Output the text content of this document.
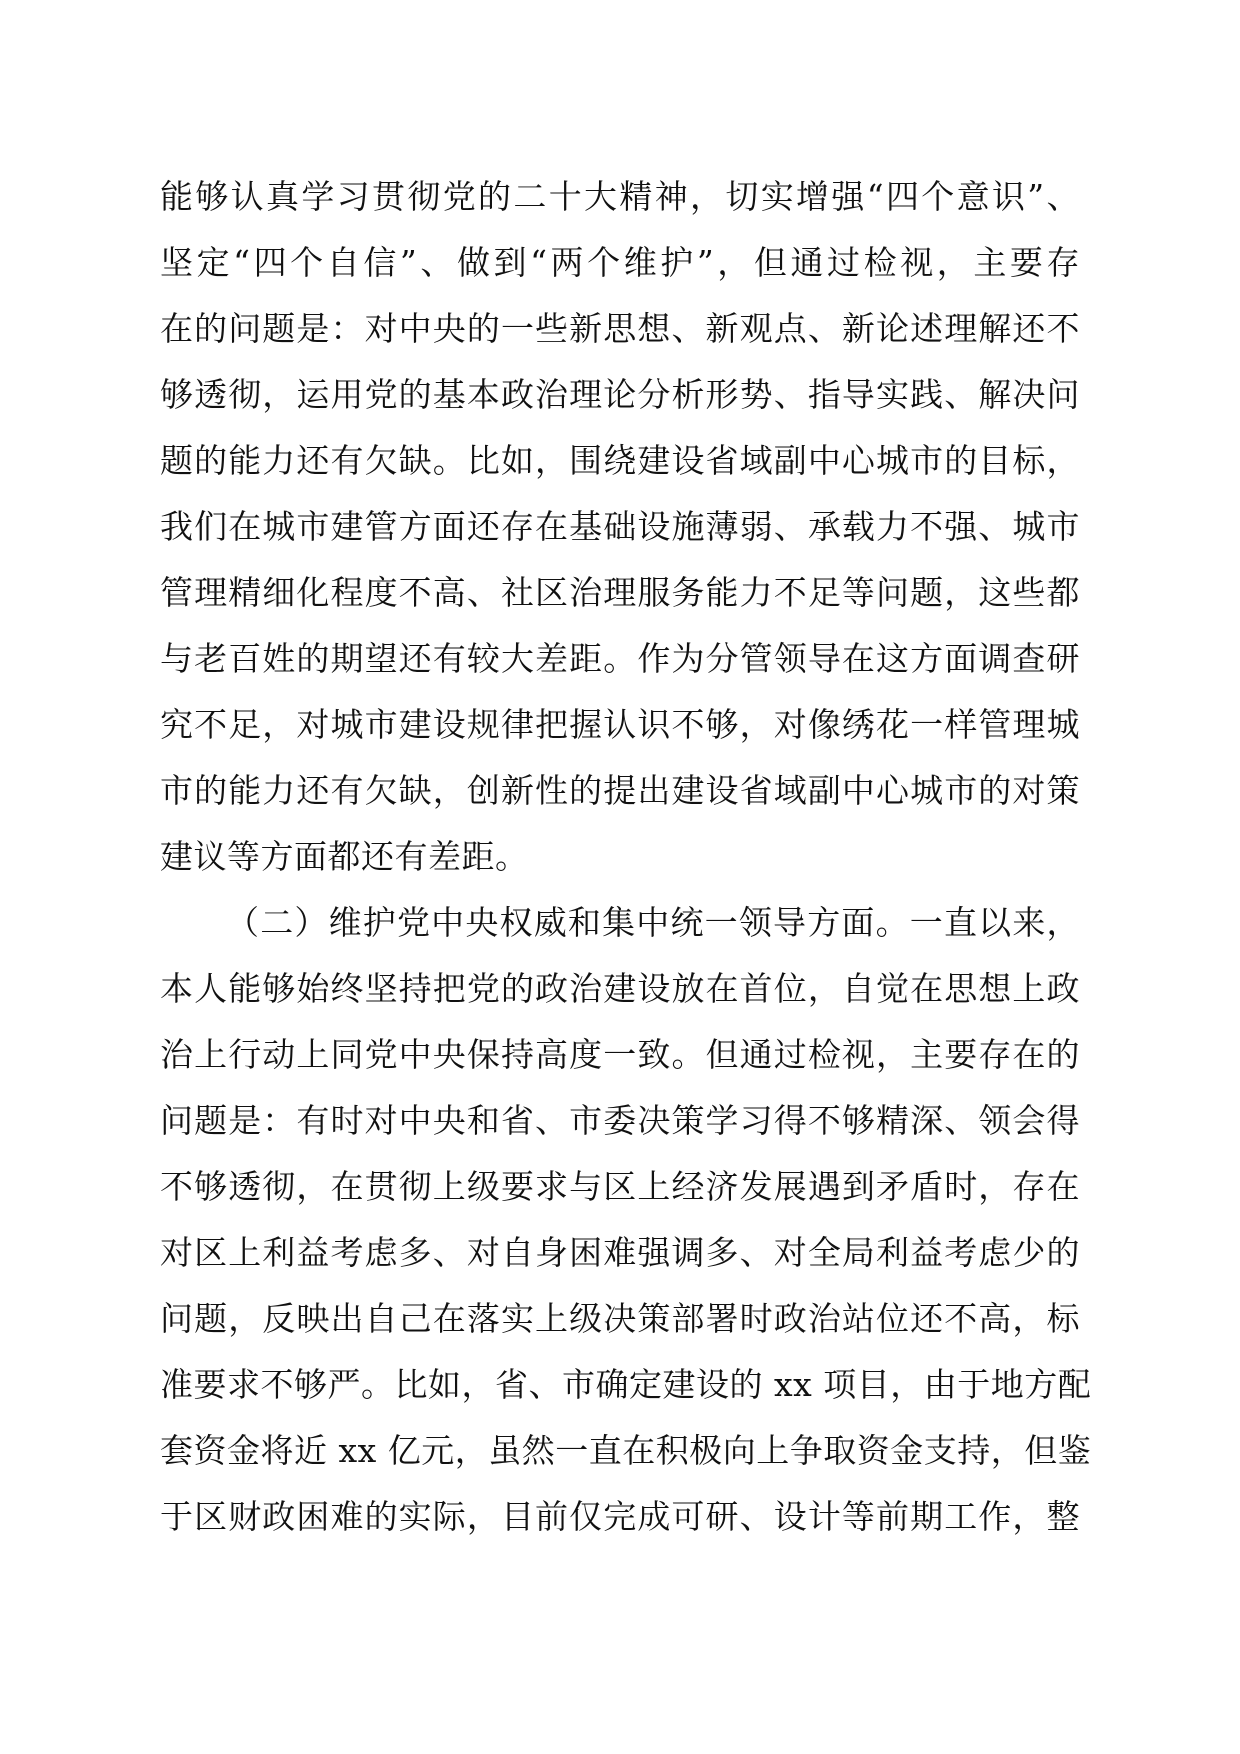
能够认真学习贯彻党的二十大精神，切实增强“四个意识”、
坚定“四个自信”、做到“两个维护”，但通过检视，主要存
在的问题是：对中央的一些新思想、新观点、新论述理解还不
够透彻，运用党的基本政治理论分析形势、指导实践、解决问
题的能力还有欠缺。比如，围绕建设省域副中心城市的目标，
我们在城市建管方面还存在基础设施薄弱、承载力不强、城市
管理精细化程度不高、社区治理服务能力不足等问题，这些都
与老百姓的期望还有较大差距。作为分管领导在这方面调查研
究不足，对城市建设规律把握认识不够，对像绣花一样管理城
市的能力还有欠缺，创新性的提出建设省域副中心城市的对策
建议等方面都还有差距。
（二）维护党中央权威和集中统一领导方面。一直以来，
本人能够始终坚持把党的政治建设放在首位，自觉在思想上政
治上行动上同党中央保持高度一致。但通过检视，主要存在的
问题是：有时对中央和省、市委决策学习得不够精深、领会得
不够透彻，在贯彻上级要求与区上经济发展遇到矛盾时，存在
对区上利益考虑多、对自身困难强调多、对全局利益考虑少的
问题，反映出自己在落实上级决策部署时政治站位还不高，标
准要求不够严。比如，省、市确定建设的 xx 项目，由于地方配
套资金将近 xx 亿元，虽然一直在积极向上争取资金支持，但鉴
于区财政困难的实际，目前仅完成可研、设计等前期工作，整
